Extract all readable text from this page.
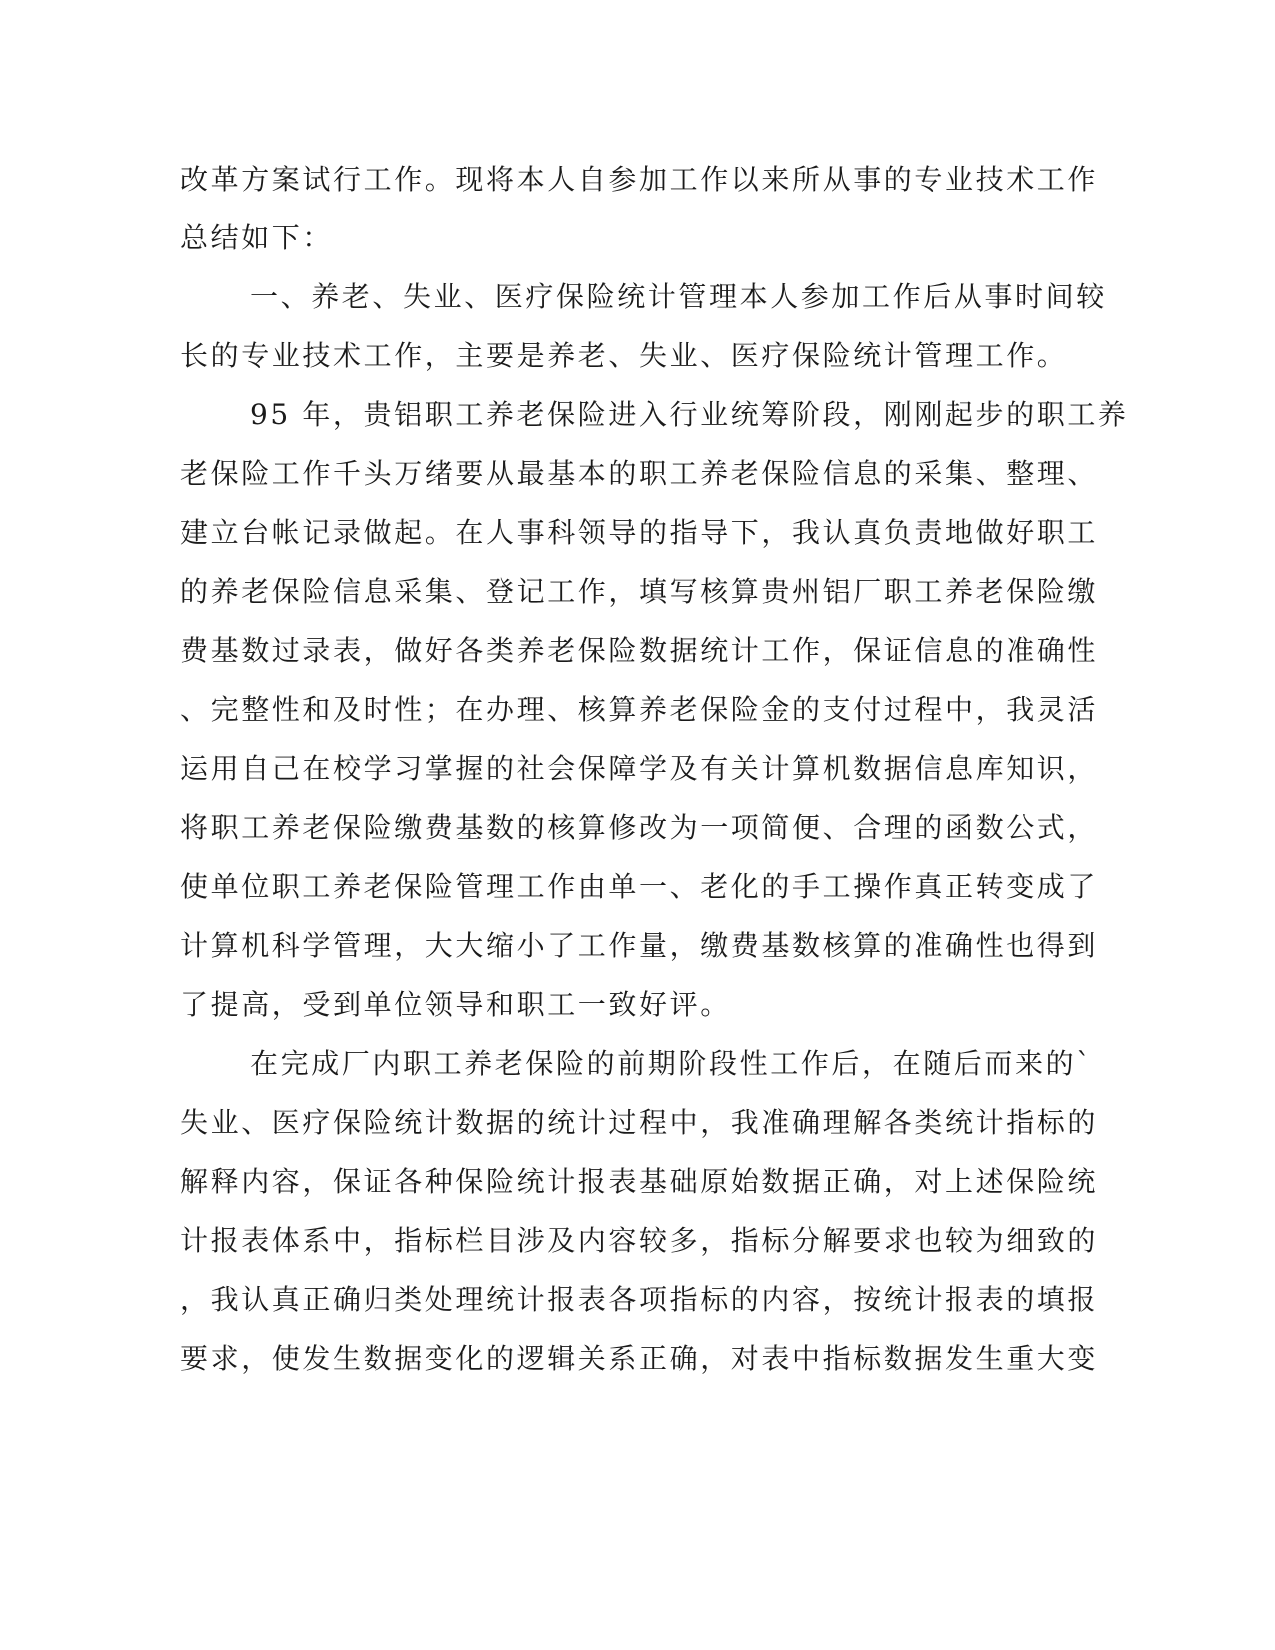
改革方案试行工作。现将本人自参加工作以来所从事的专业技术工作
总结如下：
一、养老、失业、医疗保险统计管理本人参加工作后从事时间较
长的专业技术工作，主要是养老、失业、医疗保险统计管理工作。
95 年，贵铝职工养老保险进入行业统筹阶段，刚刚起步的职工养
老保险工作千头万绪要从最基本的职工养老保险信息的采集、整理、
建立台帐记录做起。在人事科领导的指导下，我认真负责地做好职工
的养老保险信息采集、登记工作，填写核算贵州铝厂职工养老保险缴
费基数过录表，做好各类养老保险数据统计工作，保证信息的准确性
、完整性和及时性；在办理、核算养老保险金的支付过程中，我灵活
运用自己在校学习掌握的社会保障学及有关计算机数据信息库知识，
将职工养老保险缴费基数的核算修改为一项简便、合理的函数公式，
使单位职工养老保险管理工作由单一、老化的手工操作真正转变成了
计算机科学管理，大大缩小了工作量，缴费基数核算的准确性也得到
了提高，受到单位领导和职工一致好评。
在完成厂内职工养老保险的前期阶段性工作后，在随后而来的`
失业、医疗保险统计数据的统计过程中，我准确理解各类统计指标的
解释内容，保证各种保险统计报表基础原始数据正确，对上述保险统
计报表体系中，指标栏目涉及内容较多，指标分解要求也较为细致的
，我认真正确归类处理统计报表各项指标的内容，按统计报表的填报
要求，使发生数据变化的逻辑关系正确，对表中指标数据发生重大变
